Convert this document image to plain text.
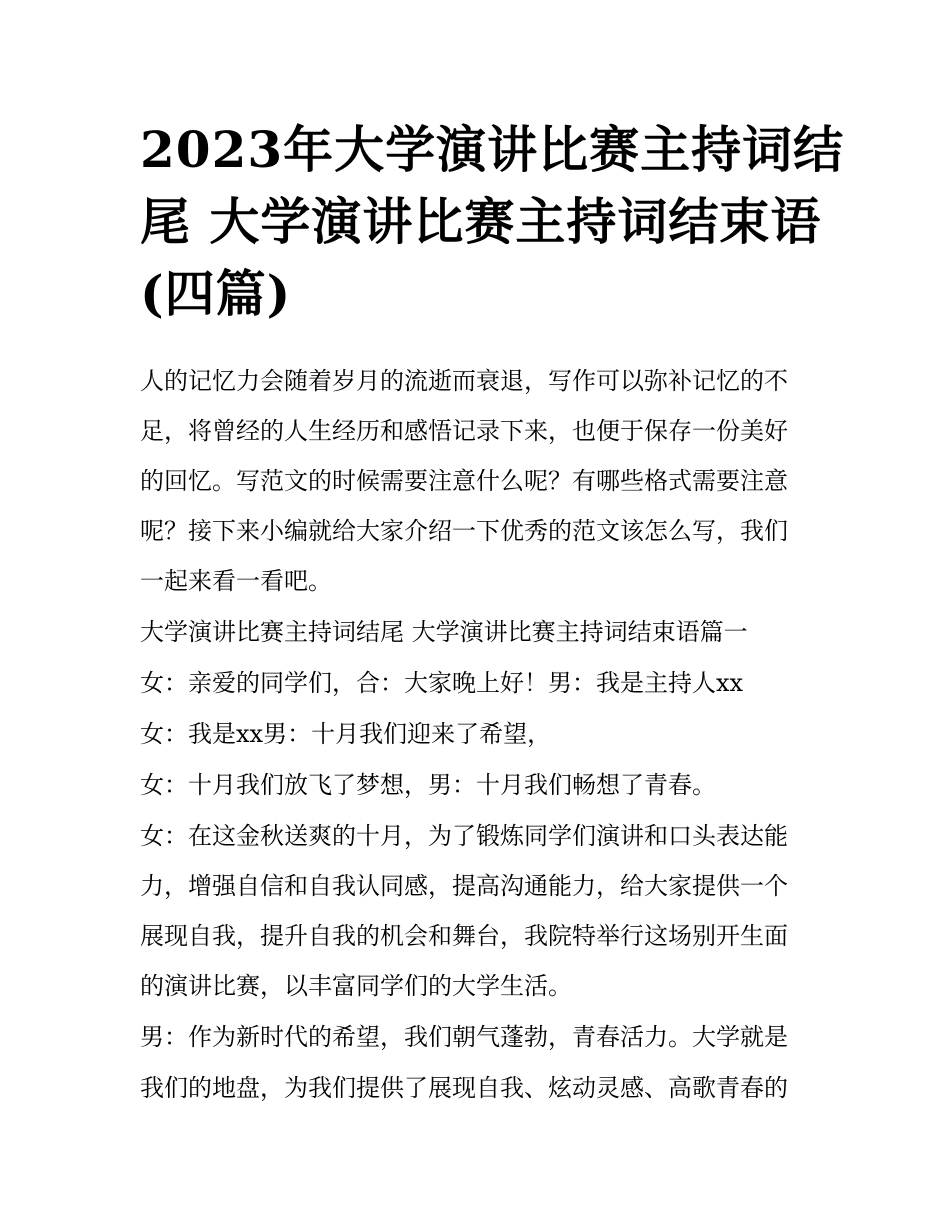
2023年大学演讲比赛主持词结
尾 大学演讲比赛主持词结束语
(四篇)

人的记忆力会随着岁月的流逝而衰退，写作可以弥补记忆的不

足，将曾经的人生经历和感悟记录下来，也便于保存一份美好

的回忆。写范文的时候需要注意什么呢？有哪些格式需要注意

呢？接下来小编就给大家介绍一下优秀的范文该怎么写，我们

一起来看一看吧。

大学演讲比赛主持词结尾 大学演讲比赛主持词结束语篇一

女：亲爱的同学们，合：大家晚上好！男：我是主持人xx

女：我是xx男：十月我们迎来了希望，

女：十月我们放飞了梦想，男：十月我们畅想了青春。

女：在这金秋送爽的十月，为了锻炼同学们演讲和口头表达能

力，增强自信和自我认同感，提高沟通能力，给大家提供一个

展现自我，提升自我的机会和舞台，我院特举行这场别开生面

的演讲比赛，以丰富同学们的大学生活。

男：作为新时代的希望，我们朝气蓬勃，青春活力。大学就是

我们的地盘，为我们提供了展现自我、炫动灵感、高歌青春的
